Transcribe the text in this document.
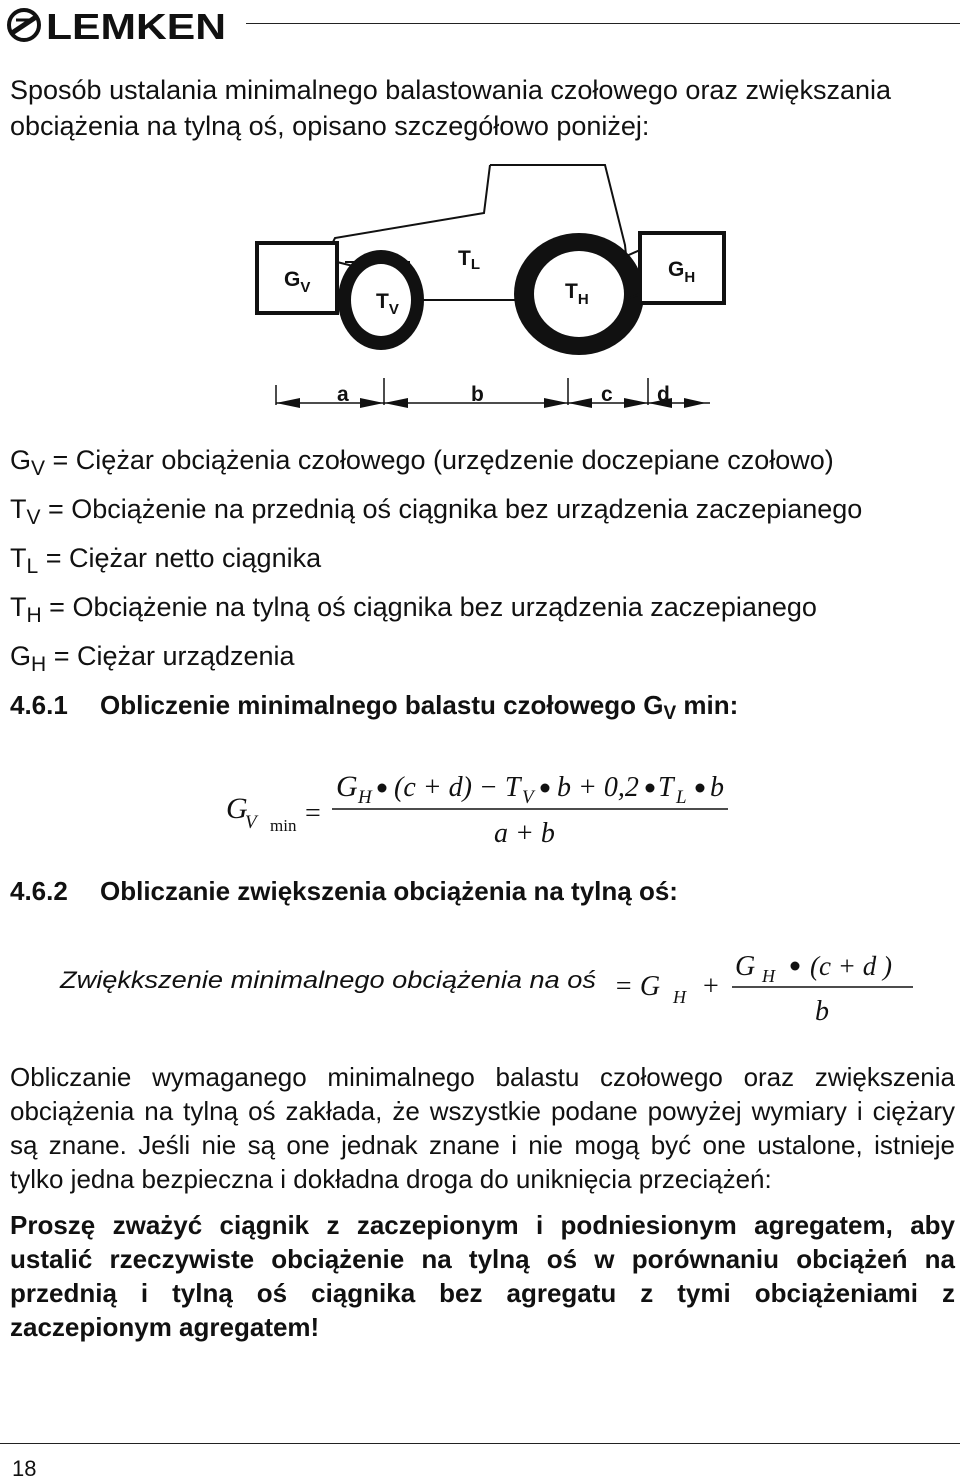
LEMKEN
Sposób ustalania minimalnego balastowania czołowego oraz zwiększania obciążenia na tylną oś, opisano szczegółowo poniżej:
$G_V$
$T_V$
TL
$T_H$
$G_H$
a	b	c d
$G_V$ = Ciężar obciążenia czołowego (urzędzenie doczepiane czołowo)
$T_V$ = Obciążenie na przednią oś ciągnika bez urządzenia zaczepianego
$T_L$ = Ciężar netto ciągnika
$T_H$ = Obciążenie na tylną oś ciągnika bez urządzenia zaczepianego
$G_H$ = Ciężar urządzenia
4.6.1 Obliczenie minimalnego balastu czołowego $G_V$ min:
G
V min =
G H (c + d) − T V b + 0,2 T L b
a + b
4.6.2 Obliczanie zwiększenia obciążenia na tylną oś:
Zwiękkszenie minimalnego obciążenia na oś = G H +
G H (c + d )
b
Obliczanie wymaganego minimalnego balastu czołowego oraz zwiększenia obciążenia na tylną oś zakłada, że wszystkie podane powyżej wymiary i ciężary są znane. Jeśli nie są one jednak znane i nie mogą być one ustalone, istnieje tylko jedna bezpieczna i dokładna droga do uniknięcia przeciążeń:
Proszę zważyć ciągnik z zaczepionym i podniesionym agregatem, aby ustalić rzeczywiste obciążenie na tylną oś w porównaniu obciążeń na przednią i tylną oś ciągnika bez agregatu z tymi obciążeniami z zaczepionym agregatem!
18
